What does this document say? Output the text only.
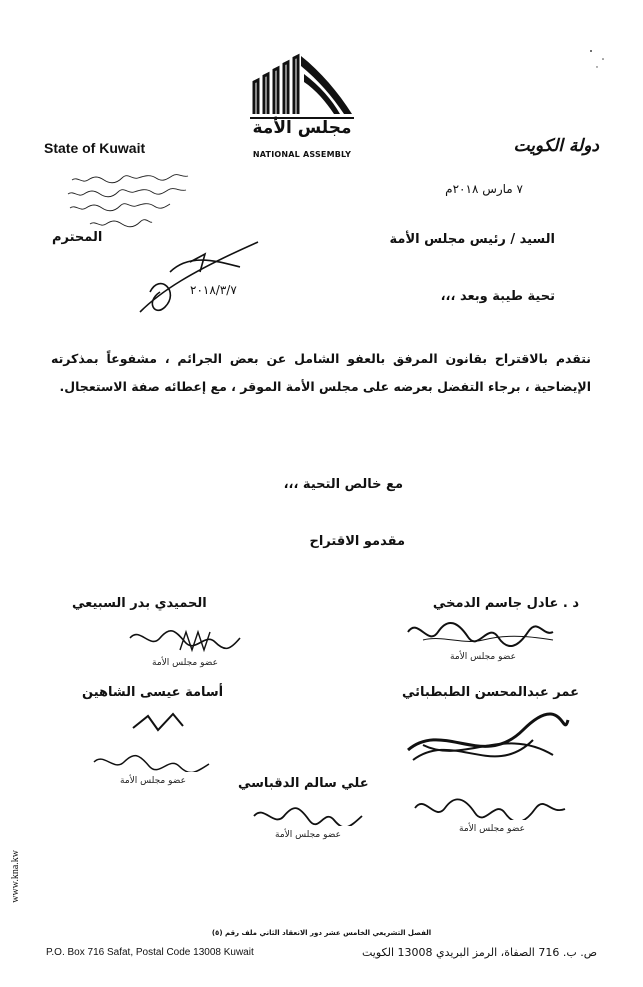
مجلس الأمة
NATIONAL ASSEMBLY
State of Kuwait	دولة الكويت
٧ مارس ٢٠١٨م
المحترم	السيد / رئيس مجلس الأمة
٢٠١٨/٣/٧	تحية طيبة وبعد ،،،
نتقدم بالاقتراح بقانون المرفق بالعفو الشامل عن بعض الجرائم ، مشفوعاً بمذكرته الإيضاحية ، برجاء التفضل بعرضه على مجلس الأمة الموقر ، مع إعطائه صفة الاستعجال.
مع خالص التحية ،،،
مقدمو الاقتراح
د . عادل جاسم الدمخي
الحميدي بدر السبيعي
عمر عبدالمحسن الطبطبائي
أسامة عيسى الشاهين
علي سالم الدقباسي
عضو مجلس الأمة
عضو مجلس الأمة
عضو مجلس الأمة
عضو مجلس الأمة
عضو مجلس الأمة
الفصل التشريعي الخامس عشر دور الانعقاد الثاني ملف رقم (٥)
P.O. Box 716 Safat, Postal Code 13008 Kuwait	ص. ب. 716 الصفاة، الرمز البريدي 13008 الكويت
www.kna.kw
